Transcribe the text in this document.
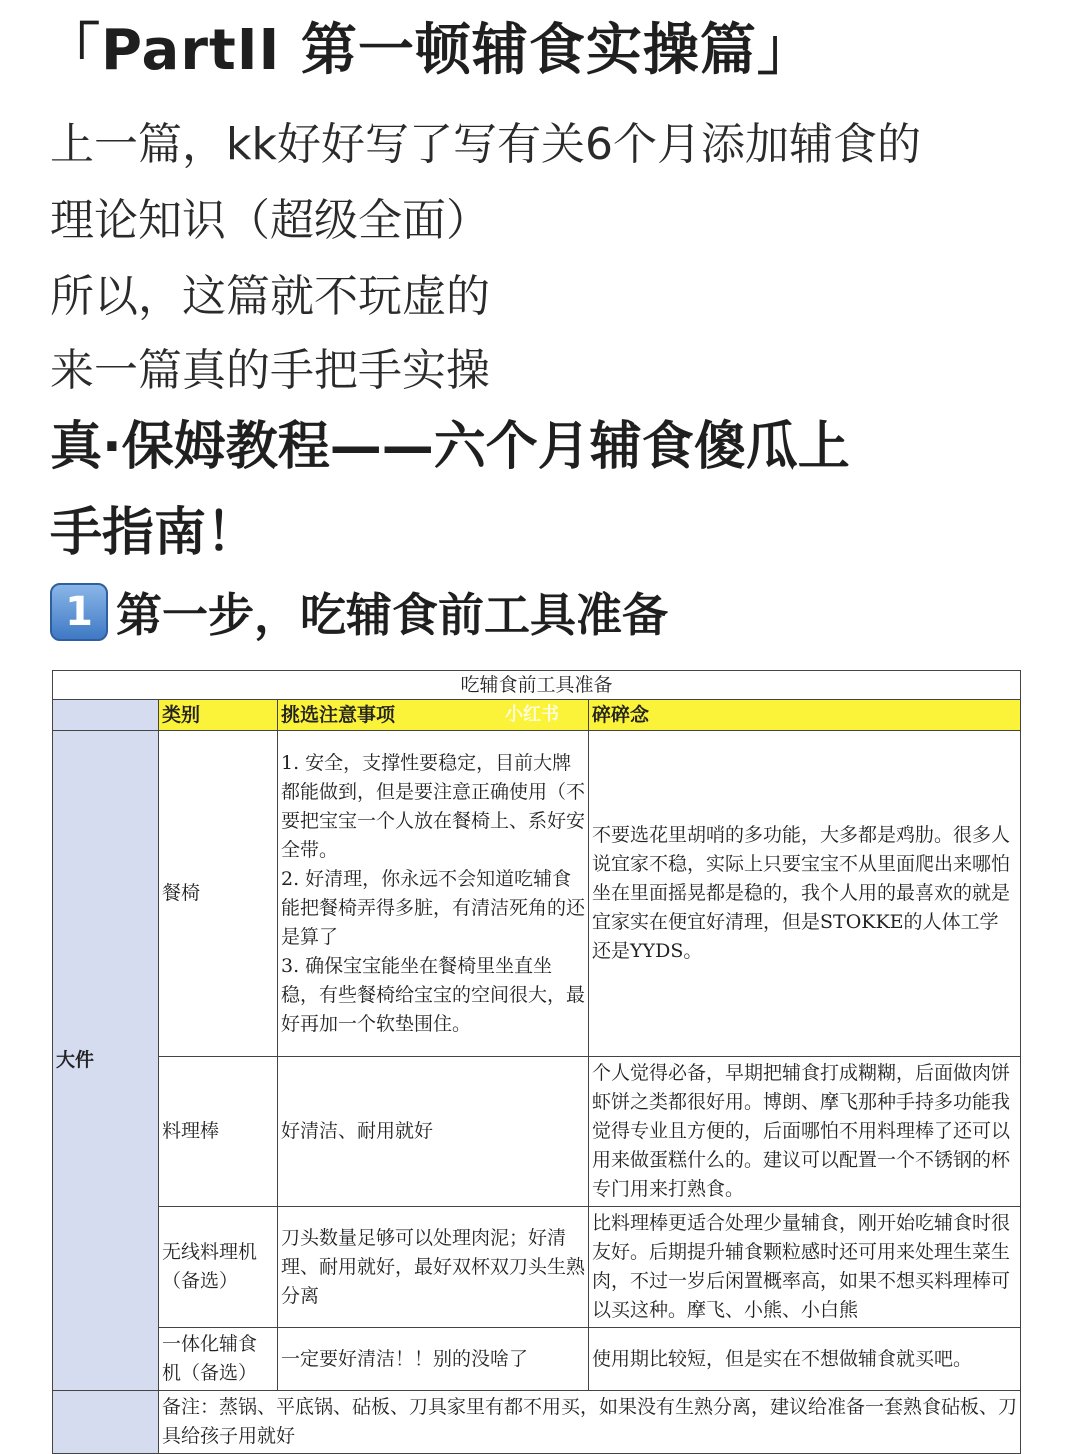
「PartII 第一顿辅食实操篇」
上一篇，kk好好写了写有关6个月添加辅食的
理论知识（超级全面）
所以，这篇就不玩虚的
来一篇真的手把手实操
真·保姆教程——六个月辅食傻瓜上
手指南！
1 第一步，吃辅食前工具准备
吃辅食前工具准备			
	类别	挑选注意事项	碎碎念
小红书

大件	餐椅	1. 安全，支撑性要稳定，目前大牌都能做到，但是要注意正确使用（不要把宝宝一个人放在餐椅上、系好安全带。
2. 好清理，你永远不会知道吃辅食能把餐椅弄得多脏，有清洁死角的还是算了
3. 确保宝宝能坐在餐椅里坐直坐稳，有些餐椅给宝宝的空间很大，最好再加一个软垫围住。	不要选花里胡哨的多功能，大多都是鸡肋。很多人说宜家不稳，实际上只要宝宝不从里面爬出来哪怕坐在里面摇晃都是稳的，我个人用的最喜欢的就是宜家实在便宜好清理，但是STOKKE的人体工学还是YYDS。
	料理棒	好清洁、耐用就好	个人觉得必备，早期把辅食打成糊糊，后面做肉饼虾饼之类都很好用。博朗、摩飞那种手持多功能我觉得专业且方便的，后面哪怕不用料理棒了还可以用来做蛋糕什么的。建议可以配置一个不锈钢的杯专门用来打熟食。
	无线料理机（备选）	刀头数量足够可以处理肉泥；好清理、耐用就好，最好双杯双刀头生熟分离	比料理棒更适合处理少量辅食，刚开始吃辅食时很友好。后期提升辅食颗粒感时还可用来处理生菜生肉，不过一岁后闲置概率高，如果不想买料理棒可以买这种。摩飞、小熊、小白熊
	一体化辅食机（备选）	一定要好清洁！！别的没啥了	使用期比较短，但是实在不想做辅食就买吧。
	备注：蒸锅、平底锅、砧板、刀具家里有都不用买，如果没有生熟分离，建议给准备一套熟食砧板、刀具给孩子用就好		
